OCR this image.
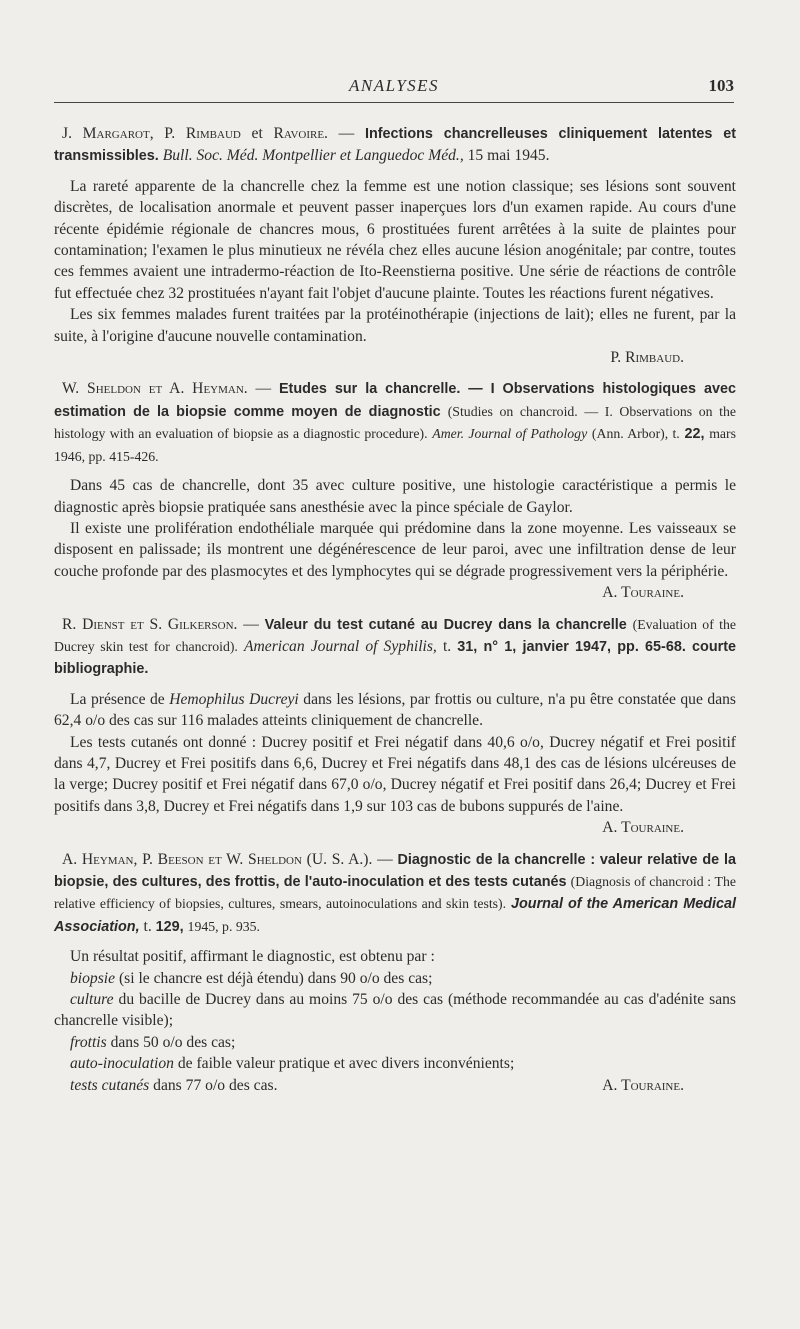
ANALYSES	103

J. Margarot, P. Rimbaud et Ravoire. — Infections chancrelleuses cliniquement latentes et transmissibles. Bull. Soc. Méd. Montpellier et Languedoc Méd., 15 mai 1945.

La rareté apparente de la chancrelle chez la femme est une notion classique; ses lésions sont souvent discrètes, de localisation anormale et peuvent passer inaperçues lors d'un examen rapide. Au cours d'une récente épidémie régionale de chancres mous, 6 prostituées furent arrêtées à la suite de plaintes pour contamination; l'examen le plus minutieux ne révéla chez elles aucune lésion anogénitale; par contre, toutes ces femmes avaient une intradermo-réaction de Ito-Reenstierna positive. Une série de réactions de contrôle fut effectuée chez 32 prostituées n'ayant fait l'objet d'aucune plainte. Toutes les réactions furent négatives.

Les six femmes malades furent traitées par la protéinothérapie (injections de lait); elles ne furent, par la suite, à l'origine d'aucune nouvelle contamination.

P. Rimbaud.

W. Sheldon et A. Heyman. — Etudes sur la chancrelle. — I Observations histologiques avec estimation de la biopsie comme moyen de diagnostic (Studies on chancroid. — I. Observations on the histology with an evaluation of biopsie as a diagnostic procedure). Amer. Journal of Pathology (Ann. Arbor), t. 22, mars 1946, pp. 415-426.

Dans 45 cas de chancrelle, dont 35 avec culture positive, une histologie caractéristique a permis le diagnostic après biopsie pratiquée sans anesthésie avec la pince spéciale de Gaylor.

Il existe une prolifération endothéliale marquée qui prédomine dans la zone moyenne. Les vaisseaux se disposent en palissade; ils montrent une dégénérescence de leur paroi, avec une infiltration dense de leur couche profonde par des plasmocytes et des lymphocytes qui se dégrade progressivement vers la périphérie.

A. Touraine.

R. Dienst et S. Gilkerson. — Valeur du test cutané au Ducrey dans la chancrelle (Evaluation of the Ducrey skin test for chancroid). American Journal of Syphilis, t. 31, n° 1, janvier 1947, pp. 65-68. courte bibliographie.

La présence de Hemophilus Ducreyi dans les lésions, par frottis ou culture, n'a pu être constatée que dans 62,4 o/o des cas sur 116 malades atteints cliniquement de chancrelle.

Les tests cutanés ont donné : Ducrey positif et Frei négatif dans 40,6 o/o, Ducrey négatif et Frei positif dans 4,7, Ducrey et Frei positifs dans 6,6, Ducrey et Frei négatifs dans 48,1 des cas de lésions ulcéreuses de la verge; Ducrey positif et Frei négatif dans 67,0 o/o, Ducrey négatif et Frei positif dans 26,4; Ducrey et Frei positifs dans 3,8, Ducrey et Frei négatifs dans 1,9 sur 103 cas de bubons suppurés de l'aine.

A. Touraine.

A. Heyman, P. Beeson et W. Sheldon (U. S. A.). — Diagnostic de la chancrelle : valeur relative de la biopsie, des cultures, des frottis, de l'auto-inoculation et des tests cutanés (Diagnosis of chancroid : The relative efficiency of biopsies, cultures, smears, autoinoculations and skin tests). Journal of the American Medical Association, t. 129, 1945, p. 935.

Un résultat positif, affirmant le diagnostic, est obtenu par :

biopsie (si le chancre est déjà étendu) dans 90 o/o des cas;

culture du bacille de Ducrey dans au moins 75 o/o des cas (méthode recommandée au cas d'adénite sans chancrelle visible);

frottis dans 50 o/o des cas;

auto-inoculation de faible valeur pratique et avec divers inconvénients;

tests cutanés dans 77 o/o des cas.	A. Touraine.
